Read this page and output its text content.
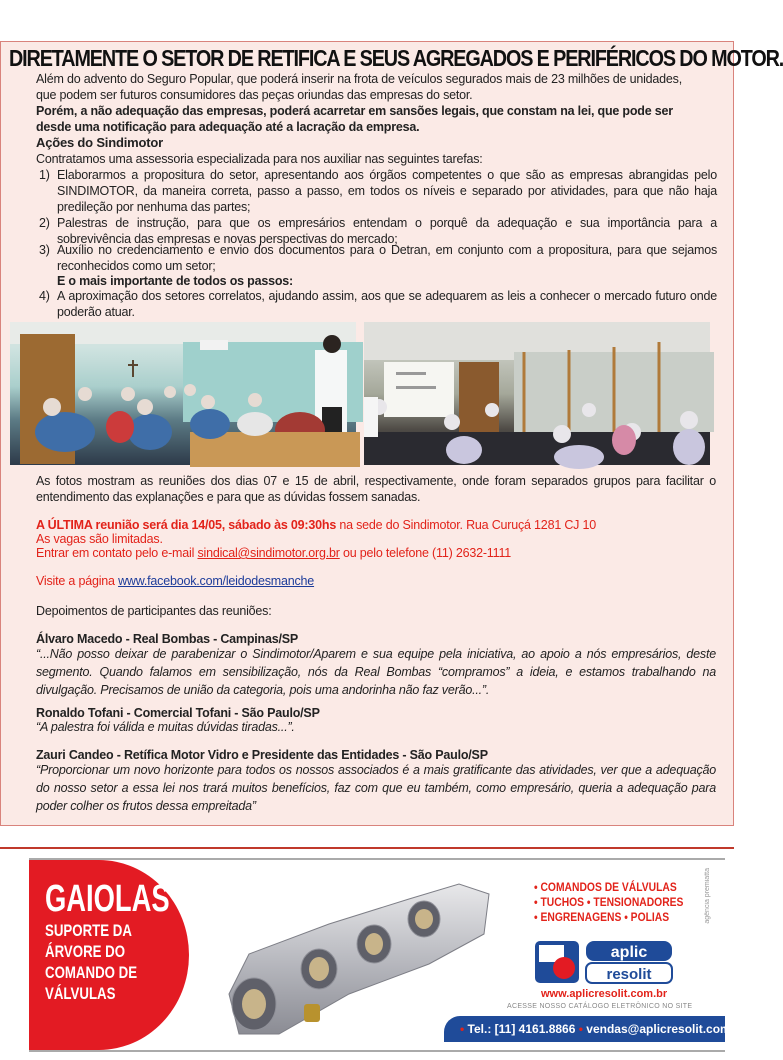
DIRETAMENTE O SETOR DE RETIFICA E SEUS AGREGADOS E PERIFÉRICOS DO MOTOR.
Além do advento do Seguro Popular, que poderá inserir na frota de veículos segurados mais de 23 milhões de unidades,
que podem ser futuros consumidores das peças oriundas das empresas do setor.
Porém, a não adequação das empresas, poderá acarretar em sansões legais, que constam na lei, que pode ser
desde uma notificação para adequação até a lacração da empresa.
Ações do Sindimotor
Contratamos uma assessoria especializada para nos auxiliar nas seguintes tarefas:
1) Elaborarmos a propositura do setor, apresentando aos órgãos competentes o que são as empresas abrangidas pelo SINDIMOTOR, da maneira correta, passo a passo, em todos os níveis e separado por atividades, para que não haja predileção por nenhuma das partes;
2) Palestras de instrução, para que os empresários entendam o porquê da adequação e sua importância para a sobrevivência das empresas e novas perspectivas do mercado;
3) Auxílio no credenciamento e envio dos documentos para o Detran, em conjunto com a propositura, para que sejamos reconhecidos como um setor;
E o mais importante de todos os passos:
4) A aproximação dos setores correlatos, ajudando assim, aos que se adequarem as leis a conhecer o mercado futuro onde poderão atuar.
As fotos mostram as reuniões dos dias 07 e 15 de abril, respectivamente, onde foram separados grupos para facilitar o entendimento das explanações e para que as dúvidas fossem sanadas.
A ÚLTIMA reunião será dia 14/05, sábado às 09:30hs na sede do Sindimotor. Rua Curuçá 1281 CJ 10
As vagas são limitadas.
Entrar em contato pelo e-mail sindical@sindimotor.org.br ou pelo telefone (11) 2632-1111
Visite a página www.facebook.com/leidodesmanche
Depoimentos de participantes das reuniões:
Álvaro Macedo - Real Bombas - Campinas/SP
“...Não posso deixar de parabenizar o Sindimotor/Aparem e sua equipe pela iniciativa, ao apoio a nós empresários, deste segmento. Quando falamos em sensibilização, nós da Real Bombas “compramos” a ideia, e estamos trabalhando na divulgação. Precisamos de união da categoria, pois uma andorinha não faz verão...”.
Ronaldo Tofani - Comercial Tofani - São Paulo/SP
“A palestra foi válida e muitas dúvidas tiradas...”.
Zauri Candeo - Retífica Motor Vidro e Presidente das Entidades - São Paulo/SP
“Proporcionar um novo horizonte para todos os nossos associados é a mais gratificante das atividades, ver que a adequação do nosso setor a essa lei nos trará muitos benefícios, faz com que eu também, como empresário, queria a adequação para poder colher os frutos dessa empreitada”
GAIOLAS
SUPORTE DA
ÁRVORE DO
COMANDO DE
VÁLVULAS
• COMANDOS DE VÁLVULAS
• TUCHOS • TENSIONADORES
• ENGRENAGENS • POLIAS	agência premiatta
aplic
resolit
www.aplicresolit.com.br
ACESSE NOSSO CATÁLOGO ELETRÔNICO NO SITE
• Tel.: [11] 4161.8866 • vendas@aplicresolit.com.br
